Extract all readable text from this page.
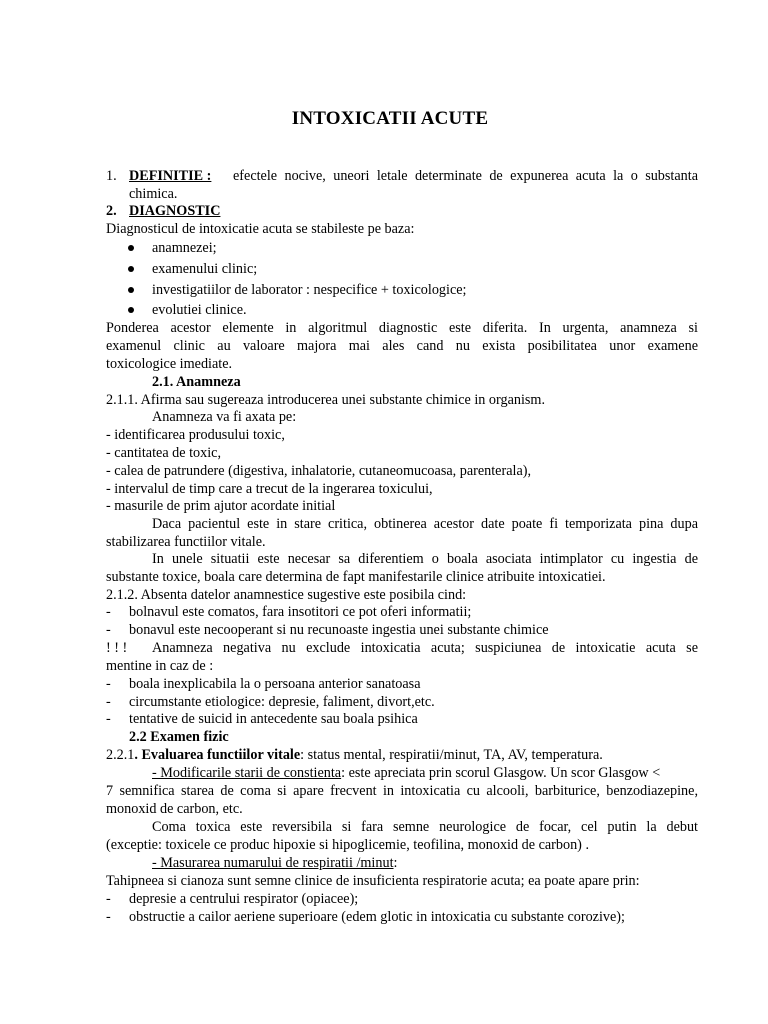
INTOXICATII ACUTE
1. DEFINITIE :	efectele nocive, uneori letale determinate de expunerea acuta la o substanta
chimica.
2. DIAGNOSTIC
Diagnosticul de intoxicatie acuta se stabileste pe baza:
anamnezei;
examenului clinic;
investigatiilor de laborator : nespecifice + toxicologice;
evolutiei clinice.
Ponderea acestor elemente in algoritmul diagnostic este diferita. In urgenta, anamneza si
examenul clinic au valoare majora mai ales cand nu exista posibilitatea unor examene
toxicologice imediate.
2.1. Anamneza
2.1.1. Afirma sau sugereaza introducerea unei substante chimice in organism.
Anamneza va fi axata pe:
- identificarea produsului toxic,
- cantitatea de toxic,
- calea de patrundere (digestiva, inhalatorie, cutaneomucoasa, parenterala),
- intervalul de timp care a trecut de la ingerarea toxicului,
- masurile de prim ajutor acordate initial
Daca pacientul este in stare critica, obtinerea acestor date poate fi temporizata pina dupa
stabilizarea functiilor vitale.
In unele situatii este necesar sa diferentiem o boala asociata intimplator cu ingestia de
substante toxice, boala care determina de fapt manifestarile clinice atribuite intoxicatiei.
2.1.2. Absenta datelor anamnestice sugestive este posibila cind:
- bolnavul este comatos, fara insotitori ce pot oferi informatii;
- bonavul este necooperant si nu recunoaste ingestia unei substante chimice
! ! !	Anamneza negativa nu exclude intoxicatia acuta; suspiciunea de intoxicatie acuta se
mentine in caz de :
- boala inexplicabila la o persoana anterior sanatoasa
- circumstante etiologice: depresie, faliment, divort,etc.
- tentative de suicid in antecedente sau boala psihica
2.2 Examen fizic
2.2.1. Evaluarea functiilor vitale: status mental, respiratii/minut, TA, AV, temperatura.
- Modificarile starii de constienta: este apreciata prin scorul Glasgow. Un scor Glasgow <
7 semnifica starea de coma si apare frecvent in intoxicatia cu alcooli, barbiturice, benzodiazepine,
monoxid de carbon, etc.
Coma toxica este reversibila si fara semne neurologice de focar, cel putin la debut
(exceptie: toxicele ce produc hipoxie si hipoglicemie, teofilina, monoxid de carbon) .
- Masurarea numarului de respiratii /minut:
Tahipneea si cianoza sunt semne clinice de insuficienta respiratorie acuta; ea poate apare prin:
- depresie a centrului respirator (opiacee);
- obstructie a cailor aeriene superioare (edem glotic in intoxicatia cu substante corozive);
